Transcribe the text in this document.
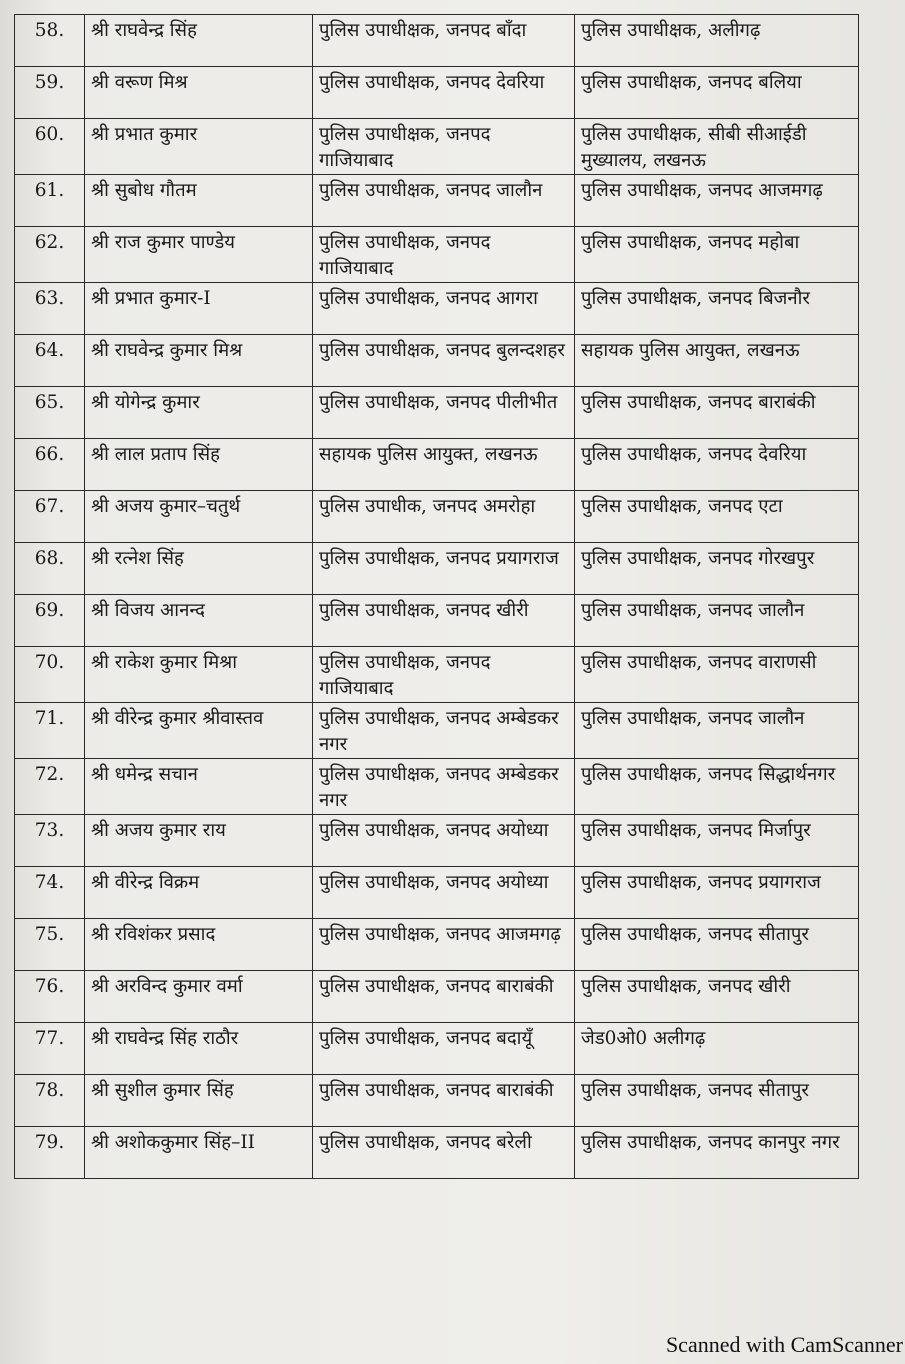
58.	श्री राघवेन्द्र सिंह	पुलिस उपाधीक्षक, जनपद बाँदा	पुलिस उपाधीक्षक, अलीगढ़
59.	श्री वरूण मिश्र	पुलिस उपाधीक्षक, जनपद देवरिया	पुलिस उपाधीक्षक, जनपद बलिया
60.	श्री प्रभात कुमार	पुलिस उपाधीक्षक, जनपद गाजियाबाद	पुलिस उपाधीक्षक, सीबी सीआईडी मुख्यालय, लखनऊ
61.	श्री सुबोध गौतम	पुलिस उपाधीक्षक, जनपद जालौन	पुलिस उपाधीक्षक, जनपद आजमगढ़
62.	श्री राज कुमार पाण्डेय	पुलिस उपाधीक्षक, जनपद गाजियाबाद	पुलिस उपाधीक्षक, जनपद महोबा
63.	श्री प्रभात कुमार-I	पुलिस उपाधीक्षक, जनपद आगरा	पुलिस उपाधीक्षक, जनपद बिजनौर
64.	श्री राघवेन्द्र कुमार मिश्र	पुलिस उपाधीक्षक, जनपद बुलन्दशहर	सहायक पुलिस आयुक्त, लखनऊ
65.	श्री योगेन्द्र कुमार	पुलिस उपाधीक्षक, जनपद पीलीभीत	पुलिस उपाधीक्षक, जनपद बाराबंकी
66.	श्री लाल प्रताप सिंह	सहायक पुलिस आयुक्त, लखनऊ	पुलिस उपाधीक्षक, जनपद देवरिया
67.	श्री अजय कुमार–चतुर्थ	पुलिस उपाधीक, जनपद अमरोहा	पुलिस उपाधीक्षक, जनपद एटा
68.	श्री रत्नेश सिंह	पुलिस उपाधीक्षक, जनपद प्रयागराज	पुलिस उपाधीक्षक, जनपद गोरखपुर
69.	श्री विजय आनन्द	पुलिस उपाधीक्षक, जनपद खीरी	पुलिस उपाधीक्षक, जनपद जालौन
70.	श्री राकेश कुमार मिश्रा	पुलिस उपाधीक्षक, जनपद गाजियाबाद	पुलिस उपाधीक्षक, जनपद वाराणसी
71.	श्री वीरेन्द्र कुमार श्रीवास्तव	पुलिस उपाधीक्षक, जनपद अम्बेडकर नगर	पुलिस उपाधीक्षक, जनपद जालौन
72.	श्री धमेन्द्र सचान	पुलिस उपाधीक्षक, जनपद अम्बेडकर नगर	पुलिस उपाधीक्षक, जनपद सिद्धार्थनगर
73.	श्री अजय कुमार राय	पुलिस उपाधीक्षक, जनपद अयोध्या	पुलिस उपाधीक्षक, जनपद मिर्जापुर
74.	श्री वीरेन्द्र विक्रम	पुलिस उपाधीक्षक, जनपद अयोध्या	पुलिस उपाधीक्षक, जनपद प्रयागराज
75.	श्री रविशंकर प्रसाद	पुलिस उपाधीक्षक, जनपद आजमगढ़	पुलिस उपाधीक्षक, जनपद सीतापुर
76.	श्री अरविन्द कुमार वर्मा	पुलिस उपाधीक्षक, जनपद बाराबंकी	पुलिस उपाधीक्षक, जनपद खीरी
77.	श्री राघवेन्द्र सिंह राठौर	पुलिस उपाधीक्षक, जनपद बदायूँ	जेड0ओ0 अलीगढ़
78.	श्री सुशील कुमार सिंह	पुलिस उपाधीक्षक, जनपद बाराबंकी	पुलिस उपाधीक्षक, जनपद सीतापुर
79.	श्री अशोककुमार सिंह–II	पुलिस उपाधीक्षक, जनपद बरेली	पुलिस उपाधीक्षक, जनपद कानपुर नगर
Scanned with CamScanner
